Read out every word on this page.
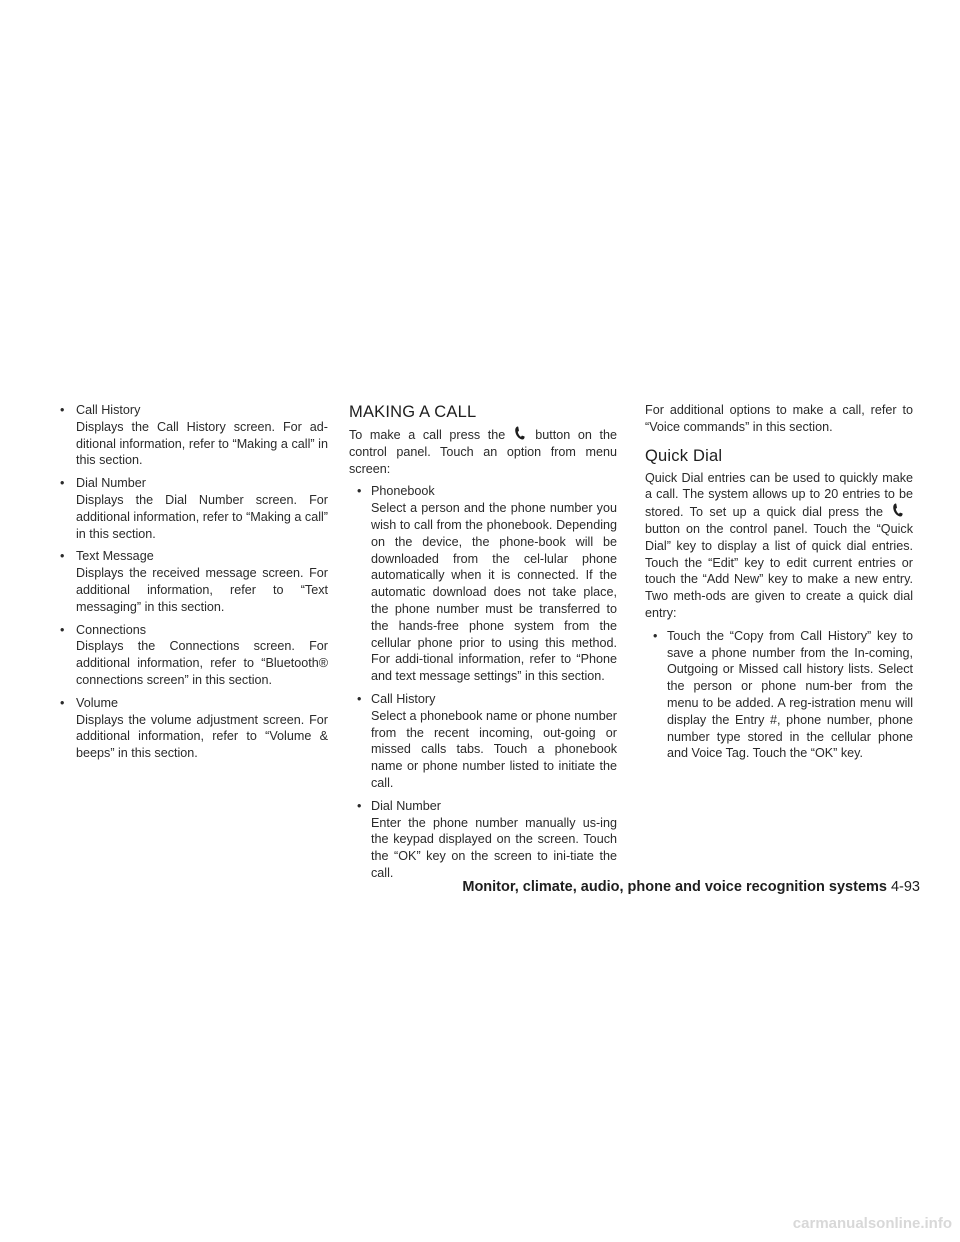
• Call History
Displays the Call History screen. For ad-ditional information, refer to “Making a call” in this section.
• Dial Number
Displays the Dial Number screen. For additional information, refer to “Making a call” in this section.
• Text Message
Displays the received message screen. For additional information, refer to “Text messaging” in this section.
• Connections
Displays the Connections screen. For additional information, refer to “Bluetooth® connections screen” in this section.
• Volume
Displays the volume adjustment screen. For additional information, refer to “Volume & beeps” in this section.
MAKING A CALL

To make a call press the button on the control panel. Touch an option from menu screen:

• Phonebook
Select a person and the phone number you wish to call from the phonebook. Depending on the device, the phone-book will be downloaded from the cel-lular phone automatically when it is connected. If the automatic download does not take place, the phone number must be transferred to the hands-free phone system from the cellular phone prior to using this method. For addi-tional information, refer to “Phone and text message settings” in this section.
• Call History
Select a phonebook name or phone number from the recent incoming, out-going or missed calls tabs. Touch a phonebook name or phone number listed to initiate the call.
• Dial Number
Enter the phone number manually us-ing the keypad displayed on the screen. Touch the “OK” key on the screen to ini-tiate the call.

For additional options to make a call, refer to “Voice commands” in this section.

Quick Dial

Quick Dial entries can be used to quickly make a call. The system allows up to 20 entries to be stored. To set up a quick dial press thebutton on the control panel. Touch the “Quick Dial” key to display a list of quick dial entries. Touch the “Edit” key to edit current entries or touch the “Add New” key to make a new entry. Two meth-ods are given to create a quick dial entry:

• Touch the “Copy from Call History” key to save a phone number from the In-coming, Outgoing or Missed call history lists. Select the person or phone num-ber from the menu to be added. A reg-istration menu will display the Entry #, phone number, phone number type stored in the cellular phone and Voice Tag. Touch the “OK” key.
Monitor, climate, audio, phone and voice recognition systems 4-93
carmanualsonline.info
